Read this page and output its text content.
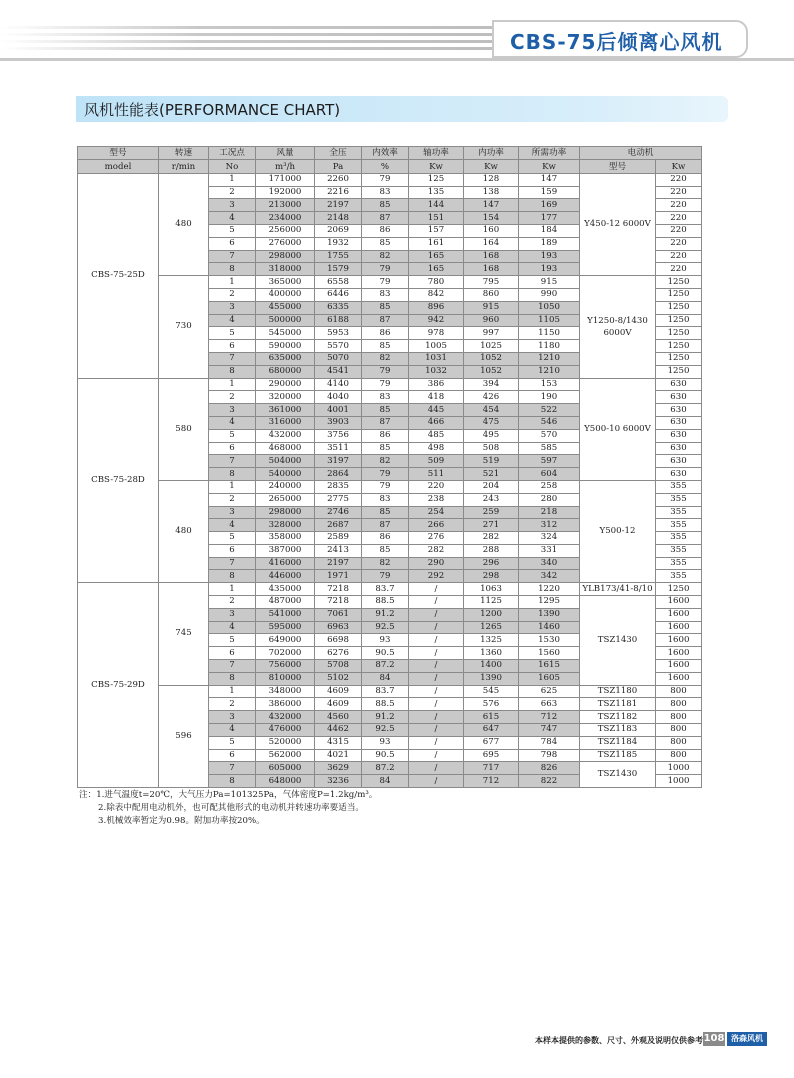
CBS-75后倾离心风机
风机性能表(PERFORMANCE CHART)
型号	转速	工况点	风量	全压	内效率	轴功率	内功率	所需功率	电动机	
model	r/min	No	m³/h	Pa	%	Kw	Kw	Kw	型号	Kw
CBS-75-25D	480	1	171000	2260	79	125	128	147	Y450-12 6000V	220
		2	192000	2216	83	135	138	159		220
		3	213000	2197	85	144	147	169		220
		4	234000	2148	87	151	154	177		220
		5	256000	2069	86	157	160	184		220
		6	276000	1932	85	161	164	189		220
		7	298000	1755	82	165	168	193		220
		8	318000	1579	79	165	168	193		220
	730	1	365000	6558	79	780	795	915	Y1250-8/1430 6000V	1250
		2	400000	6446	83	842	860	990		1250
		3	455000	6335	85	896	915	1050		1250
		4	500000	6188	87	942	960	1105		1250
		5	545000	5953	86	978	997	1150		1250
		6	590000	5570	85	1005	1025	1180		1250
		7	635000	5070	82	1031	1052	1210		1250
		8	680000	4541	79	1032	1052	1210		1250
CBS-75-28D	580	1	290000	4140	79	386	394	153	Y500-10 6000V	630
		2	320000	4040	83	418	426	190		630
		3	361000	4001	85	445	454	522		630
		4	316000	3903	87	466	475	546		630
		5	432000	3756	86	485	495	570		630
		6	468000	3511	85	498	508	585		630
		7	504000	3197	82	509	519	597		630
		8	540000	2864	79	511	521	604		630
	480	1	240000	2835	79	220	204	258	Y500-12	355
		2	265000	2775	83	238	243	280		355
		3	298000	2746	85	254	259	218		355
		4	328000	2687	87	266	271	312		355
		5	358000	2589	86	276	282	324		355
		6	387000	2413	85	282	288	331		355
		7	416000	2197	82	290	296	340		355
		8	446000	1971	79	292	298	342		355
CBS-75-29D	745	1	435000	7218	83.7	/	1063	1220	YLB173/41-8/10	1250
		2	487000	7218	88.5	/	1125	1295	TSZ1430	1600
		3	541000	7061	91.2	/	1200	1390		1600
		4	595000	6963	92.5	/	1265	1460		1600
		5	649000	6698	93	/	1325	1530		1600
		6	702000	6276	90.5	/	1360	1560		1600
		7	756000	5708	87.2	/	1400	1615		1600
		8	810000	5102	84	/	1390	1605		1600
	596	1	348000	4609	83.7	/	545	625	TSZ1180	800
		2	386000	4609	88.5	/	576	663	TSZ1181	800
		3	432000	4560	91.2	/	615	712	TSZ1182	800
		4	476000	4462	92.5	/	647	747	TSZ1183	800
		5	520000	4315	93	/	677	784	TSZ1184	800
		6	562000	4021	90.5	/	695	798	TSZ1185	800
		7	605000	3629	87.2	/	717	826	TSZ1430	1000
		8	648000	3236	84	/	712	822		1000
注：1.进气温度t=20℃，大气压力Pa=101325Pa，气体密度P=1.2kg/m³。
2.除表中配用电动机外，也可配其他形式的电动机并转速功率要适当。
3.机械效率暂定为0.98。附加功率按20%。
本样本提供的参数、尺寸、外观及说明仅供参考 108 洛森风机
